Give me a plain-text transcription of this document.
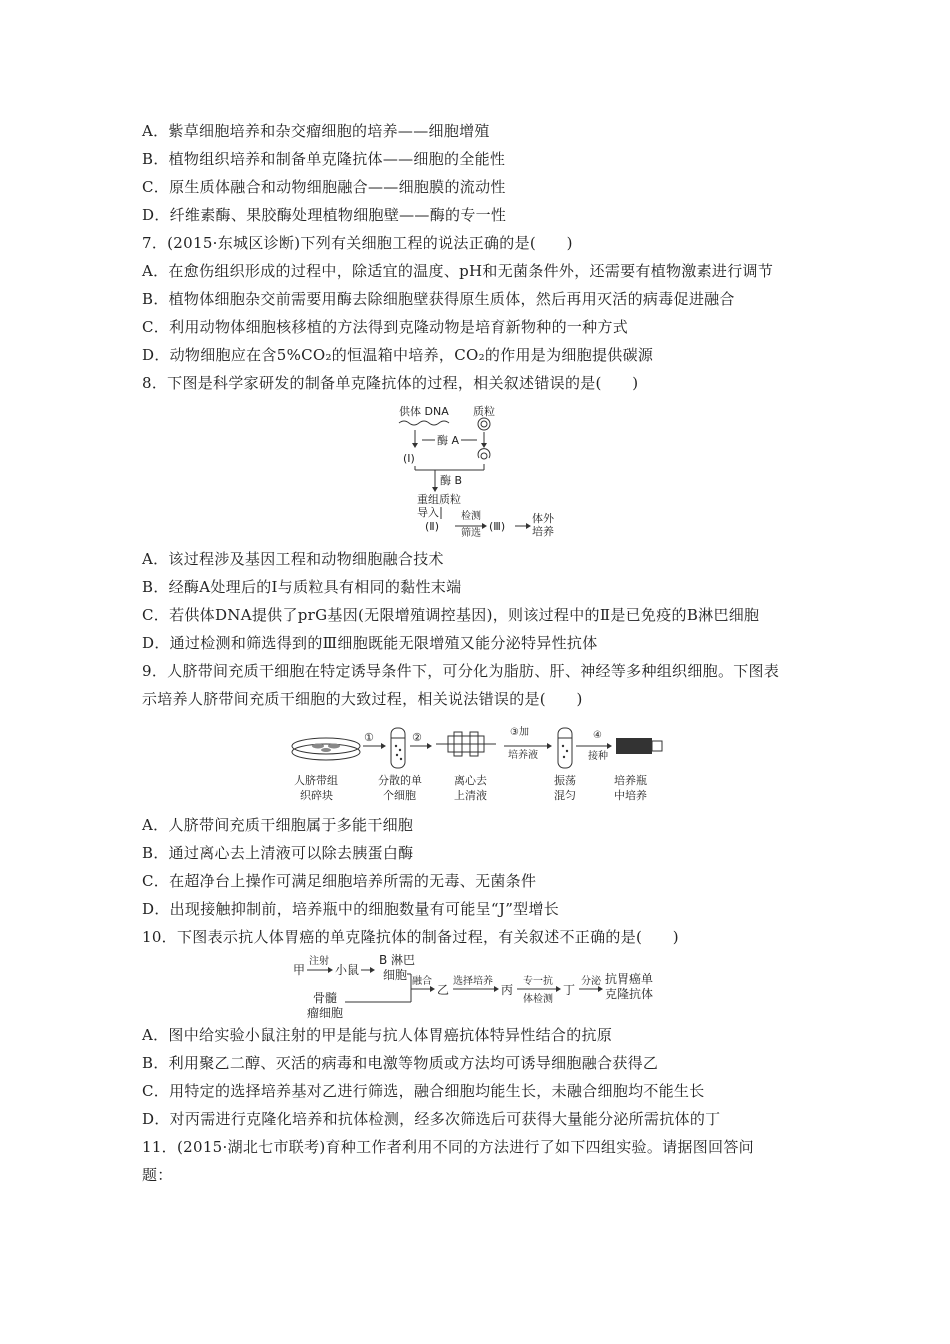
A．紫草细胞培养和杂交瘤细胞的培养——细胞增殖
B．植物组织培养和制备单克隆抗体——细胞的全能性
C．原生质体融合和动物细胞融合——细胞膜的流动性
D．纤维素酶、果胶酶处理植物细胞壁——酶的专一性
7．(2015·东城区诊断)下列有关细胞工程的说法正确的是(　　)
A．在愈伤组织形成的过程中，除适宜的温度、pH和无菌条件外，还需要有植物激素进行调节
B．植物体细胞杂交前需要用酶去除细胞壁获得原生质体，然后再用灭活的病毒促进融合
C．利用动物体细胞核移植的方法得到克隆动物是培育新物种的一种方式
D．动物细胞应在含5%CO₂的恒温箱中培养，CO₂的作用是为细胞提供碳源
8．下图是科学家研发的制备单克隆抗体的过程，相关叙述错误的是(　　)
供体 DNA 质粒
酶 A
(Ⅰ)
酶 B
重组质粒
导入
(Ⅱ)
检测
筛选
(Ⅲ)
体外
培养
A．该过程涉及基因工程和动物细胞融合技术
B．经酶A处理后的Ⅰ与质粒具有相同的黏性末端
C．若供体DNA提供了prG基因(无限增殖调控基因)，则该过程中的Ⅱ是已免疫的B淋巴细胞
D．通过检测和筛选得到的Ⅲ细胞既能无限增殖又能分泌特异性抗体
9．人脐带间充质干细胞在特定诱导条件下，可分化为脂肪、肝、神经等多种组织细胞。下图表
示培养人脐带间充质干细胞的大致过程，相关说法错误的是(　　)
①	②	③加
培养液
④
接种
人脐带组
织碎块
分散的单
个细胞
离心去
上清液
振荡
混匀
培养瓶
中培养
A．人脐带间充质干细胞属于多能干细胞
B．通过离心去上清液可以除去胰蛋白酶
C．在超净台上操作可满足细胞培养所需的无毒、无菌条件
D．出现接触抑制前，培养瓶中的细胞数量有可能呈“J”型增长
10．下图表示抗人体胃癌的单克隆抗体的制备过程，有关叙述不正确的是(　　)
甲
注射
小鼠
B 淋巴
细胞
骨髓
瘤细胞
融合
乙
选择培养
丙
专一抗
体检测
丁
分泌 抗胃癌单
克隆抗体
A．图中给实验小鼠注射的甲是能与抗人体胃癌抗体特异性结合的抗原
B．利用聚乙二醇、灭活的病毒和电激等物质或方法均可诱导细胞融合获得乙
C．用特定的选择培养基对乙进行筛选，融合细胞均能生长，未融合细胞均不能生长
D．对丙需进行克隆化培养和抗体检测，经多次筛选后可获得大量能分泌所需抗体的丁
11．(2015·湖北七市联考)育种工作者利用不同的方法进行了如下四组实验。请据图回答问
题：
